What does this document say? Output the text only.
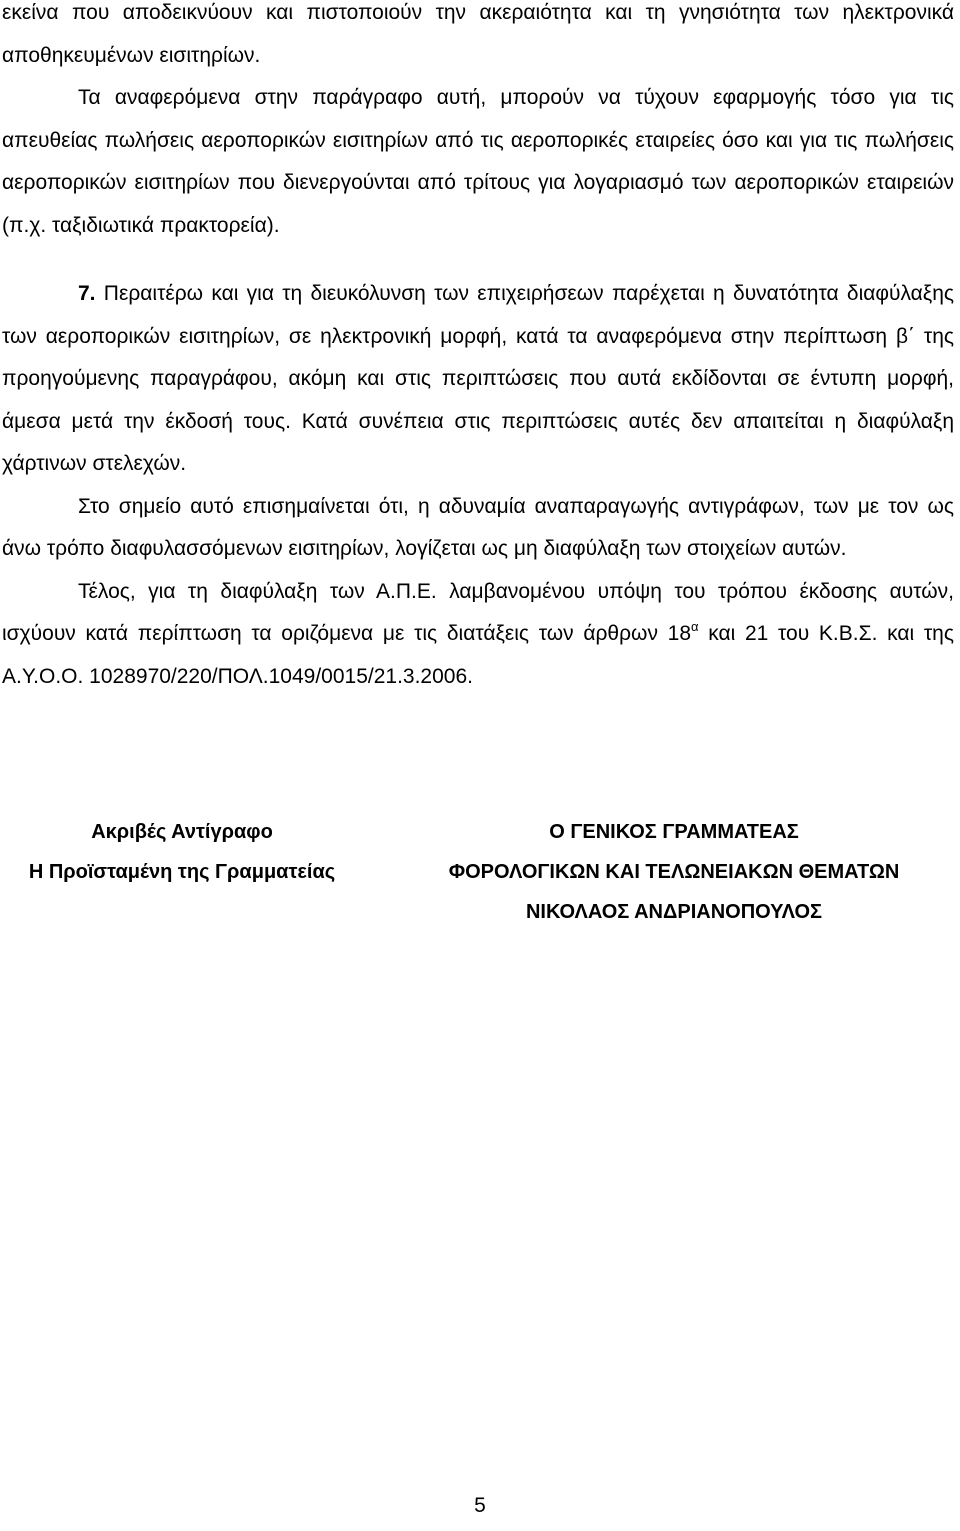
εκείνα που αποδεικνύουν και πιστοποιούν την ακεραιότητα και τη γνησιότητα των ηλεκτρονικά αποθηκευμένων εισιτηρίων.

Τα αναφερόμενα στην παράγραφο αυτή, μπορούν να τύχουν εφαρμογής τόσο για τις απευθείας πωλήσεις αεροπορικών εισιτηρίων από τις αεροπορικές εταιρείες όσο και για τις πωλήσεις αεροπορικών εισιτηρίων που διενεργούνται από τρίτους για λογαριασμό των αεροπορικών εταιρειών (π.χ. ταξιδιωτικά πρακτορεία).

7. Περαιτέρω και για τη διευκόλυνση των επιχειρήσεων παρέχεται η δυνατότητα διαφύλαξης των αεροπορικών εισιτηρίων, σε ηλεκτρονική μορφή, κατά τα αναφερόμενα στην περίπτωση β΄ της προηγούμενης παραγράφου, ακόμη και στις περιπτώσεις που αυτά εκδίδονται σε έντυπη μορφή, άμεσα μετά την έκδοσή τους. Κατά συνέπεια στις περιπτώσεις αυτές δεν απαιτείται η διαφύλαξη χάρτινων στελεχών.

Στο σημείο αυτό επισημαίνεται ότι, η αδυναμία αναπαραγωγής αντιγράφων, των με τον ως άνω τρόπο διαφυλασσόμενων εισιτηρίων, λογίζεται ως μη διαφύλαξη των στοιχείων αυτών.

Τέλος, για τη διαφύλαξη των Α.Π.Ε. λαμβανομένου υπόψη του τρόπου έκδοσης αυτών, ισχύουν κατά περίπτωση τα οριζόμενα με τις διατάξεις των άρθρων $18^\alpha$ και 21 του Κ.Β.Σ. και της Α.Υ.Ο.Ο. 1028970/220/ΠΟΛ.1049/0015/21.3.2006.

Ακριβές Αντίγραφο

Η Προϊσταμένη της Γραμματείας

Ο ΓΕΝΙΚΟΣ ΓΡΑΜΜΑΤΕΑΣ

ΦΟΡΟΛΟΓΙΚΩΝ ΚΑΙ ΤΕΛΩΝΕΙΑΚΩΝ ΘΕΜΑΤΩΝ

ΝΙΚΟΛΑΟΣ ΑΝΔΡΙΑΝΟΠΟΥΛΟΣ

5
